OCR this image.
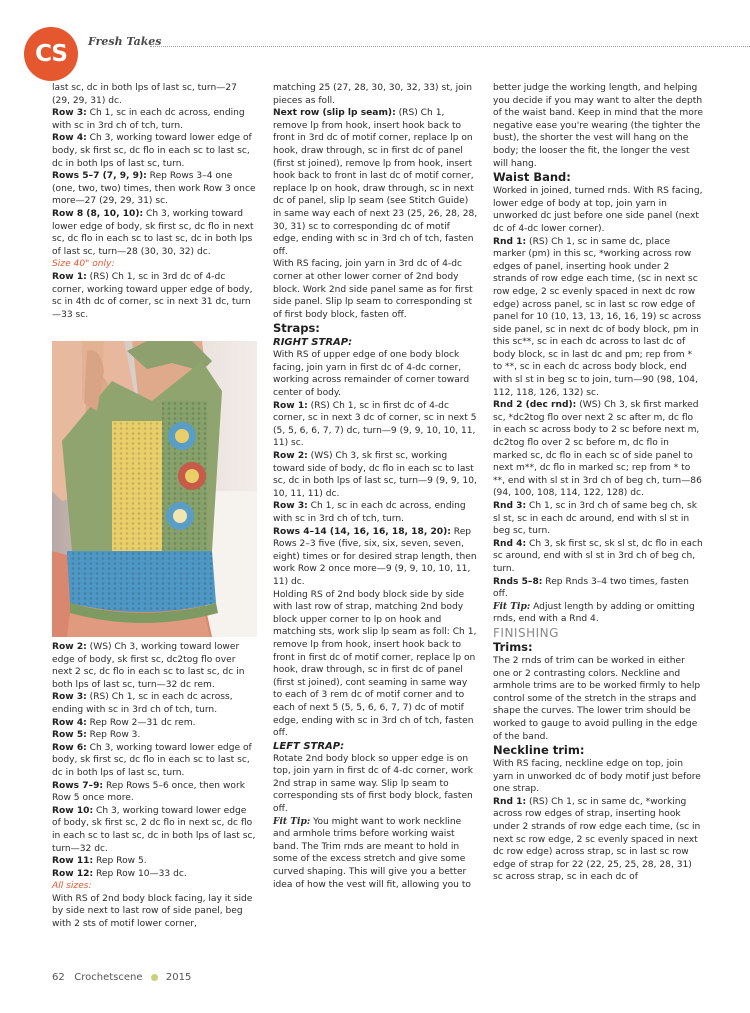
CS	Fresh Takes

last sc, dc in both lps of last sc, turn—27 (29, 29, 31) dc.

Row 3: Ch 1, sc in each dc across, ending with sc in 3rd ch of tch, turn.

Row 4: Ch 3, working toward lower edge of body, sk first sc, dc flo in each sc to last sc, dc in both lps of last sc, turn.

Rows 5–7 (7, 9, 9): Rep Rows 3–4 one (one, two, two) times, then work Row 3 once more—27 (29, 29, 31) sc.

Row 8 (8, 10, 10): Ch 3, working toward lower edge of body, sk first sc, dc flo in next sc, dc flo in each sc to last sc, dc in both lps of last sc, turn—28 (30, 30, 32) dc.

Size 40" only:

Row 1: (RS) Ch 1, sc in 3rd dc of 4-dc corner, working toward upper edge of body, sc in 4th dc of corner, sc in next 31 dc, turn—33 sc.

Row 2: (WS) Ch 3, working toward lower edge of body, sk first sc, dc2tog flo over next 2 sc, dc flo in each sc to last sc, dc in both lps of last sc, turn—32 dc rem.

Row 3: (RS) Ch 1, sc in each dc across, ending with sc in 3rd ch of tch, turn.

Row 4: Rep Row 2—31 dc rem.

Row 5: Rep Row 3.

Row 6: Ch 3, working toward lower edge of body, sk first sc, dc flo in each sc to last sc, dc in both lps of last sc, turn.

Rows 7–9: Rep Rows 5–6 once, then work Row 5 once more.

Row 10: Ch 3, working toward lower edge of body, sk first sc, 2 dc flo in next sc, dc flo in each sc to last sc, dc in both lps of last sc, turn—32 dc.

Row 11: Rep Row 5.

Row 12: Rep Row 10—33 dc.

All sizes:

With RS of 2nd body block facing, lay it side by side next to last row of side panel, beg with 2 sts of motif lower corner,

matching 25 (27, 28, 30, 30, 32, 33) st, join pieces as foll.

Next row (slip lp seam): (RS) Ch 1, remove lp from hook, insert hook back to front in 3rd dc of motif corner, replace lp on hook, draw through, sc in first dc of panel (first st joined), remove lp from hook, insert hook back to front in last dc of motif corner, replace lp on hook, draw through, sc in next dc of panel, slip lp seam (see Stitch Guide) in same way each of next 23 (25, 26, 28, 28, 30, 31) sc to corresponding dc of motif edge, ending with sc in 3rd ch of tch, fasten off.

With RS facing, join yarn in 3rd dc of 4-dc corner at other lower corner of 2nd body block. Work 2nd side panel same as for first side panel. Slip lp seam to corresponding st of first body block, fasten off.

Straps:

RIGHT STRAP:

With RS of upper edge of one body block facing, join yarn in first dc of 4-dc corner, working across remainder of corner toward center of body.

Row 1: (RS) Ch 1, sc in first dc of 4-dc corner, sc in next 3 dc of corner, sc in next 5 (5, 5, 6, 6, 7, 7) dc, turn—9 (9, 9, 10, 10, 11, 11) sc.

Row 2: (WS) Ch 3, sk first sc, working toward side of body, dc flo in each sc to last sc, dc in both lps of last sc, turn—9 (9, 9, 10, 10, 11, 11) dc.

Row 3: Ch 1, sc in each dc across, ending with sc in 3rd ch of tch, turn.

Rows 4–14 (14, 16, 16, 18, 18, 20): Rep Rows 2–3 five (five, six, six, seven, seven, eight) times or for desired strap length, then work Row 2 once more—9 (9, 9, 10, 10, 11, 11) dc.

Holding RS of 2nd body block side by side with last row of strap, matching 2nd body block upper corner to lp on hook and matching sts, work slip lp seam as foll: Ch 1, remove lp from hook, insert hook back to front in first dc of motif corner, replace lp on hook, draw through, sc in first dc of panel (first st joined), cont seaming in same way to each of 3 rem dc of motif corner and to each of next 5 (5, 5, 6, 6, 7, 7) dc of motif edge, ending with sc in 3rd ch of tch, fasten off.

LEFT STRAP:

Rotate 2nd body block so upper edge is on top, join yarn in first dc of 4-dc corner, work 2nd strap in same way. Slip lp seam to corresponding sts of first body block, fasten off.

Fit Tip: You might want to work neckline and armhole trims before working waist band. The Trim rnds are meant to hold in some of the excess stretch and give some curved shaping. This will give you a better idea of how the vest will fit, allowing you to

better judge the working length, and helping you decide if you may want to alter the depth of the waist band. Keep in mind that the more negative ease you're wearing (the tighter the bust), the shorter the vest will hang on the body; the looser the fit, the longer the vest will hang.

Waist Band:

Worked in joined, turned rnds. With RS facing, lower edge of body at top, join yarn in unworked dc just before one side panel (next dc of 4-dc lower corner).

Rnd 1: (RS) Ch 1, sc in same dc, place marker (pm) in this sc, *working across row edges of panel, inserting hook under 2 strands of row edge each time, (sc in next sc row edge, 2 sc evenly spaced in next dc row edge) across panel, sc in last sc row edge of panel for 10 (10, 13, 13, 16, 16, 19) sc across side panel, sc in next dc of body block, pm in this sc**, sc in each dc across to last dc of body block, sc in last dc and pm; rep from * to **, sc in each dc across body block, end with sl st in beg sc to join, turn—90 (98, 104, 112, 118, 126, 132) sc.

Rnd 2 (dec rnd): (WS) Ch 3, sk first marked sc, *dc2tog flo over next 2 sc after m, dc flo in each sc across body to 2 sc before next m, dc2tog flo over 2 sc before m, dc flo in marked sc, dc flo in each sc of side panel to next m**, dc flo in marked sc; rep from * to **, end with sl st in 3rd ch of beg ch, turn—86 (94, 100, 108, 114, 122, 128) dc.

Rnd 3: Ch 1, sc in 3rd ch of same beg ch, sk sl st, sc in each dc around, end with sl st in beg sc, turn.

Rnd 4: Ch 3, sk first sc, sk sl st, dc flo in each sc around, end with sl st in 3rd ch of beg ch, turn.

Rnds 5–8: Rep Rnds 3–4 two times, fasten off.

Fit Tip: Adjust length by adding or omitting rnds, end with a Rnd 4.

FINISHING

Trims:

The 2 rnds of trim can be worked in either one or 2 contrasting colors. Neckline and armhole trims are to be worked firmly to help control some of the stretch in the straps and shape the curves. The lower trim should be worked to gauge to avoid pulling in the edge of the band.

Neckline trim:

With RS facing, neckline edge on top, join yarn in unworked dc of body motif just before one strap.

Rnd 1: (RS) Ch 1, sc in same dc, *working across row edges of strap, inserting hook under 2 strands of row edge each time, (sc in next sc row edge, 2 sc evenly spaced in next dc row edge) across strap, sc in last sc row edge of strap for 22 (22, 25, 25, 28, 28, 31) sc across strap, sc in each dc of

62 Crochetscene 2015
